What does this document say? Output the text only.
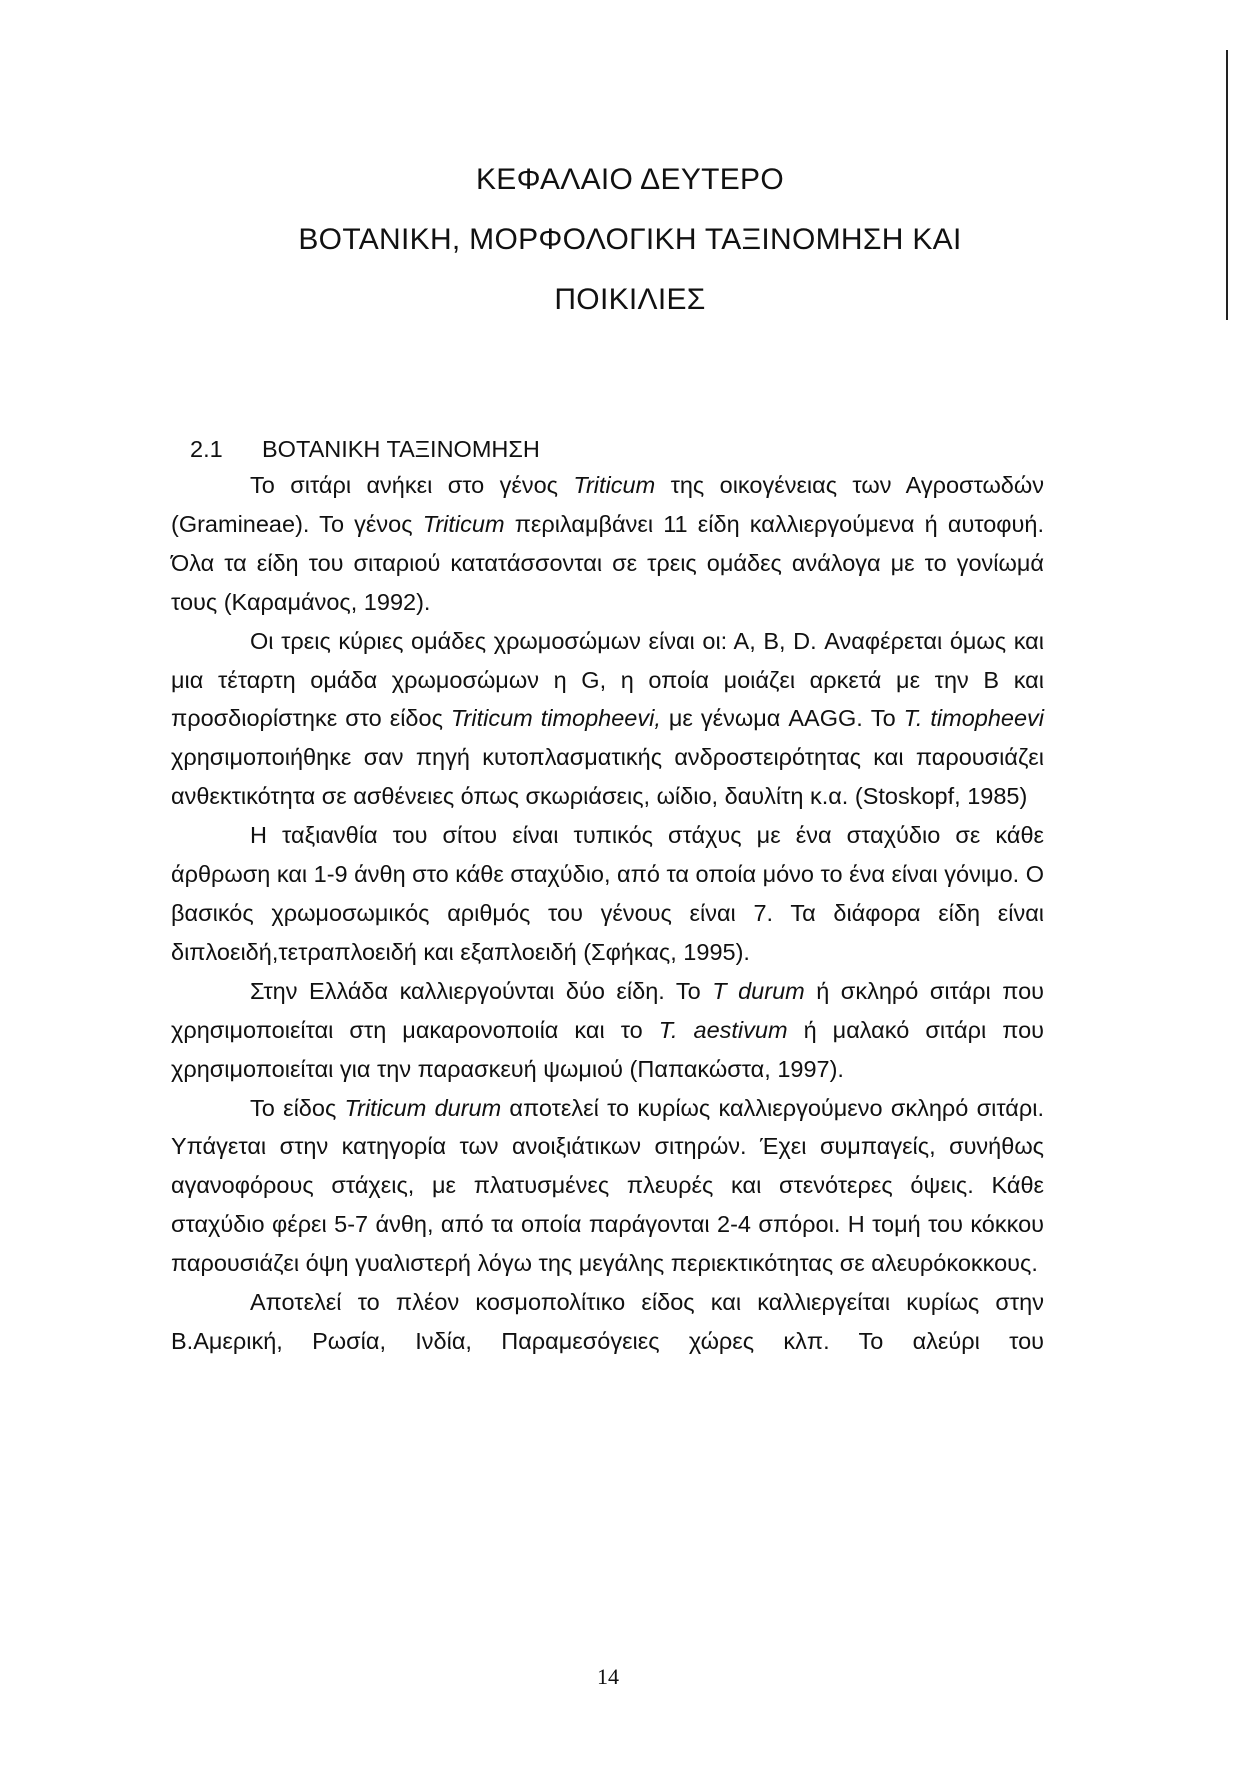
ΚΕΦΑΛΑΙΟ ΔΕΥΤΕΡΟ
ΒΟΤΑΝΙΚΗ, ΜΟΡΦΟΛΟΓΙΚΗ ΤΑΞΙΝΟΜΗΣΗ ΚΑΙ
ΠΟΙΚΙΛΙΕΣ
2.1 ΒΟΤΑΝΙΚΗ ΤΑΞΙΝΟΜΗΣΗ

Το σιτάρι ανήκει στο γένος Triticum της οικογένειας των Αγροστωδών (Gramineae). Το γένος Triticum περιλαμβάνει 11 είδη καλλιεργούμενα ή αυτοφυή. Όλα τα είδη του σιταριού κατατάσσονται σε τρεις ομάδες ανάλογα με το γονίωμά τους (Καραμάνος, 1992).

Οι τρεις κύριες ομάδες χρωμοσώμων είναι οι: Α, Β, D. Αναφέρεται όμως και μια τέταρτη ομάδα χρωμοσώμων η G, η οποία μοιάζει αρκετά με την Β και προσδιορίστηκε στο είδος Triticum timopheevi, με γένωμα AAGG. Το T. timopheevi χρησιμοποιήθηκε σαν πηγή κυτοπλασματικής ανδροστειρότητας και παρουσιάζει ανθεκτικότητα σε ασθένειες όπως σκωριάσεις, ωίδιο, δαυλίτη κ.α. (Stoskopf, 1985)

Η ταξιανθία του σίτου είναι τυπικός στάχυς με ένα σταχύδιο σε κάθε άρθρωση και 1-9 άνθη στο κάθε σταχύδιο, από τα οποία μόνο το ένα είναι γόνιμο. Ο βασικός χρωμοσωμικός αριθμός του γένους είναι 7. Τα διάφορα είδη είναι διπλοειδή,τετραπλοειδή και εξαπλοειδή (Σφήκας, 1995).

Στην Ελλάδα καλλιεργούνται δύο είδη. Το T durum ή σκληρό σιτάρι που χρησιμοποιείται στη μακαρονοποιία και το T. aestivum ή μαλακό σιτάρι που χρησιμοποιείται για την παρασκευή ψωμιού (Παπακώστα, 1997).

Το είδος Triticum durum αποτελεί το κυρίως καλλιεργούμενο σκληρό σιτάρι. Υπάγεται στην κατηγορία των ανοιξιάτικων σιτηρών. Έχει συμπαγείς, συνήθως αγανοφόρους στάχεις, με πλατυσμένες πλευρές και στενότερες όψεις. Κάθε σταχύδιο φέρει 5-7 άνθη, από τα οποία παράγονται 2-4 σπόροι. Η τομή του κόκκου παρουσιάζει όψη γυαλιστερή λόγω της μεγάλης περιεκτικότητας σε αλευρόκοκκους.

Αποτελεί το πλέον κοσμοπολίτικο είδος και καλλιεργείται κυρίως στην Β.Αμερική, Ρωσία, Ινδία, Παραμεσόγειες χώρες κλπ. Το αλεύρι του

14
